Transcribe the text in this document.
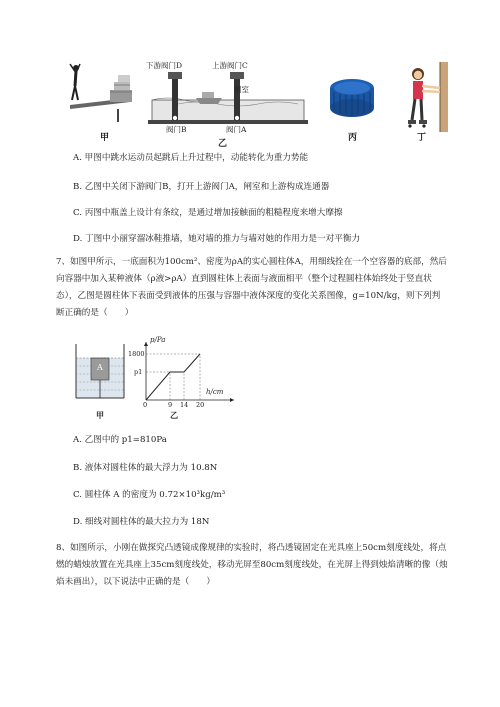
甲
下游阀门D	上游阀门C
闸室
阀门B	阀门A
乙
丙	丁
A. 甲图中跳水运动员起跳后上升过程中，动能转化为重力势能
B. 乙图中关闭下游阀门B，打开上游阀门A，闸室和上游构成连通器
C. 丙图中瓶盖上设计有条纹，是通过增加接触面的粗糙程度来增大摩擦
D. 丁图中小丽穿溜冰鞋推墙，她对墙的推力与墙对她的作用力是一对平衡力
7、如图甲所示，一底面积为100cm²、密度为ρA的实心圆柱体A，用细线拴在一个空容器的底部，然后向容器中加入某种液体（ρ液>ρA）直到圆柱体上表面与液面相平（整个过程圆柱体始终处于竖直状态），乙图是圆柱体下表面受到液体的压强与容器中液体深度的变化关系图像，g=10N/kg，则下列判断正确的是（　　）
A
甲
p/Pa
h/cm
1800
p1
0	9 14 20
乙
A. 乙图中的 p1=810Pa
B. 液体对圆柱体的最大浮力为 10.8N
C. 圆柱体 A 的密度为 0.72×10³kg/m³
D. 细线对圆柱体的最大拉力为 18N
8、如图所示，小刚在做探究凸透镜成像规律的实验时，将凸透镜固定在光具座上50cm刻度线处，将点燃的蜡烛放置在光具座上35cm刻度线处，移动光屏至80cm刻度线处，在光屏上得到烛焰清晰的像（烛焰未画出），以下说法中正确的是（　　）
